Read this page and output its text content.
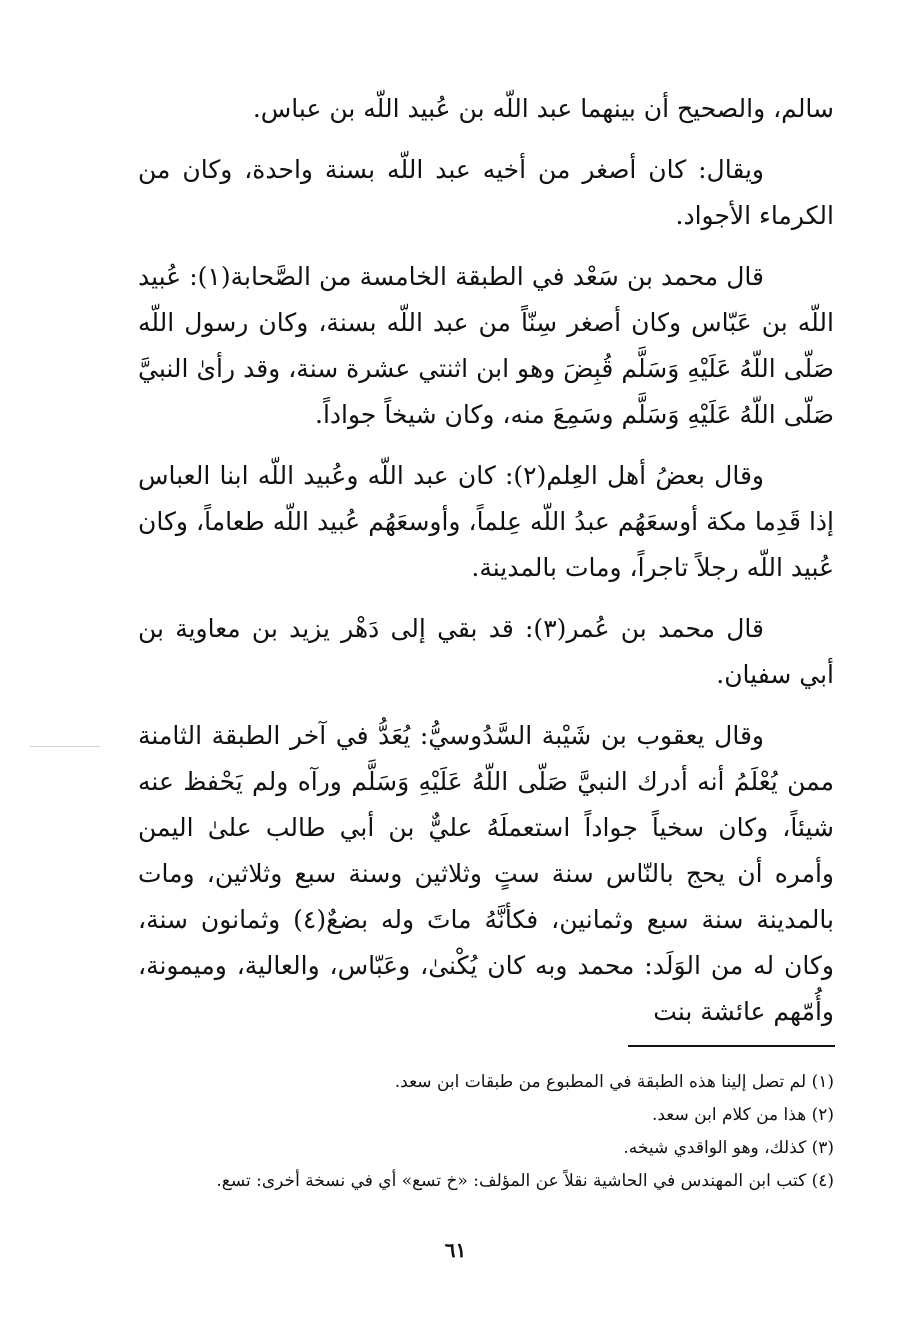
سالم، والصحيح أن بينهما عبد اللّه بن عُبيد اللّه بن عباس.

ويقال: كان أصغر من أخيه عبد اللّه بسنة واحدة، وكان من الكرماء الأجواد.

قال محمد بن سَعْد في الطبقة الخامسة من الصَّحابة(١): عُبيد اللّه بن عَبّاس وكان أصغر سِنّاً من عبد اللّه بسنة، وكان رسول اللّه صَلّى اللّهُ عَلَيْهِ وَسَلَّم قُبِضَ وهو ابن اثنتي عشرة سنة، وقد رأىٰ النبيَّ صَلّى اللّهُ عَلَيْهِ وَسَلَّم وسَمِعَ منه، وكان شيخاً جواداً.

وقال بعضُ أهل العِلم(٢): كان عبد اللّه وعُبيد اللّه ابنا العباس إذا قَدِما مكة أوسعَهُم عبدُ اللّه عِلماً، وأوسعَهُم عُبيد اللّه طعاماً، وكان عُبيد اللّه رجلاً تاجراً، ومات بالمدينة.

قال محمد بن عُمر(٣): قد بقي إلى دَهْر يزيد بن معاوية بن أبي سفيان.

وقال يعقوب بن شَيْبة السَّدُوسيُّ: يُعَدُّ في آخر الطبقة الثامنة ممن يُعْلَمُ أنه أدرك النبيَّ صَلّى اللّهُ عَلَيْهِ وَسَلَّم ورآه ولم يَحْفظ عنه شيئاً، وكان سخياً جواداً استعملَهُ عليٌّ بن أبي طالب علىٰ اليمن وأمره أن يحج بالنّاس سنة ستٍ وثلاثين وسنة سبع وثلاثين، ومات بالمدينة سنة سبع وثمانين، فكأنَّهُ ماتَ وله بضعٌ(٤) وثمانون سنة، وكان له من الوَلَد: محمد وبه كان يُكْنىٰ، وعَبّاس، والعالية، وميمونة، وأُمّهم عائشة بنت

(١) لم تصل إلينا هذه الطبقة في المطبوع من طبقات ابن سعد.
(٢) هذا من كلام ابن سعد.
(٣) كذلك، وهو الواقدي شيخه.
(٤) كتب ابن المهندس في الحاشية نقلاً عن المؤلف: «خ تسع» أي في نسخة أخرى: تسع.
٦١
